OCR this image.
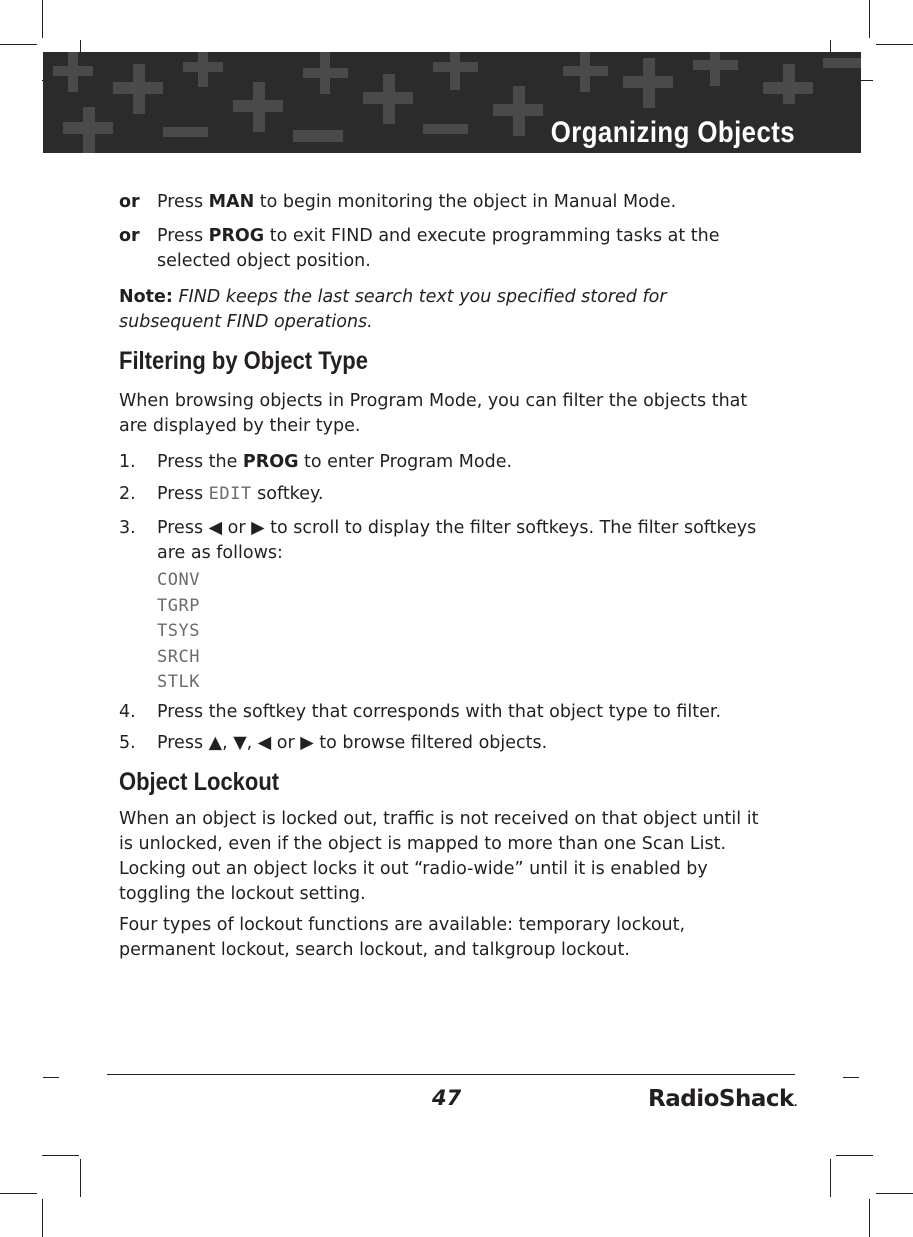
Organizing Objects
or Press MAN to begin monitoring the object in Manual Mode.
or Press PROG to exit FIND and execute programming tasks at the selected object position.
Note: FIND keeps the last search text you specified stored for subsequent FIND operations.
Filtering by Object Type
When browsing objects in Program Mode, you can filter the objects that are displayed by their type.
1. Press the PROG to enter Program Mode.
2. Press EDIT softkey.
3. Press ◀ or ▶ to scroll to display the filter softkeys. The filter softkeys are as follows:
CONV
TGRP
TSYS
SRCH
STLK
4. Press the softkey that corresponds with that object type to filter.
5. Press ▲, ▼, ◀ or ▶ to browse filtered objects.
Object Lockout
When an object is locked out, traffic is not received on that object until it is unlocked, even if the object is mapped to more than one Scan List. Locking out an object locks it out “radio-wide” until it is enabled by toggling the lockout setting.
Four types of lockout functions are available: temporary lockout, permanent lockout, search lockout, and talkgroup lockout.
47	RadioShack.
